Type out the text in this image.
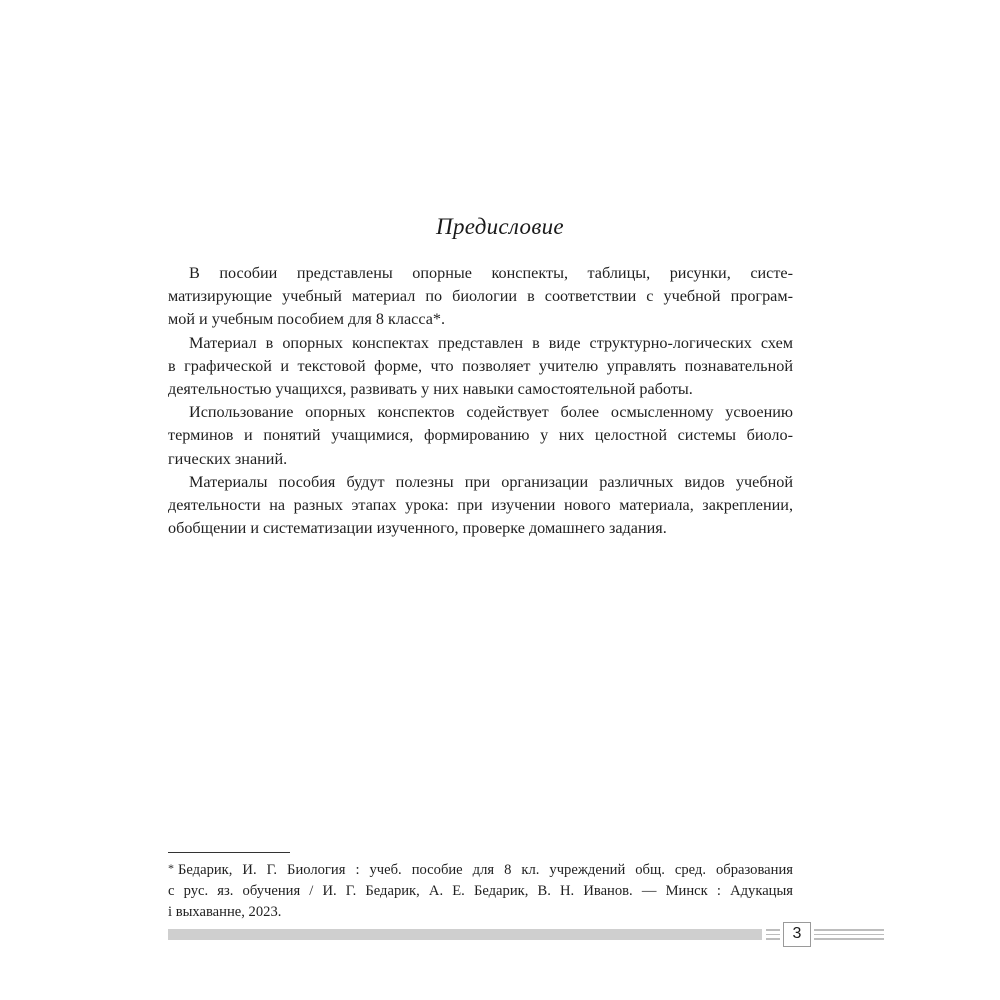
Предисловие

В пособии представлены опорные конспекты, таблицы, рисунки, систе-
матизирующие учебный материал по биологии в соответствии с учебной програм-
мой и учебным пособием для 8 класса*.

Материал в опорных конспектах представлен в виде структурно-логических схем
в графической и текстовой форме, что позволяет учителю управлять познавательной
деятельностью учащихся, развивать у них навыки самостоятельной работы.

Использование опорных конспектов содействует более осмысленному усвоению
терминов и понятий учащимися, формированию у них целостной системы биоло-
гических знаний.

Материалы пособия будут полезны при организации различных видов учебной
деятельности на разных этапах урока: при изучении нового материала, закреплении,
обобщении и систематизации изученного, проверке домашнего задания.

* Бедарик, И. Г. Биология : учеб. пособие для 8 кл. учреждений общ. сред. образования
с рус. яз. обучения / И. Г. Бедарик, А. Е. Бедарик, В. Н. Иванов. — Минск : Адукацыя
і выхаванне, 2023.
3
